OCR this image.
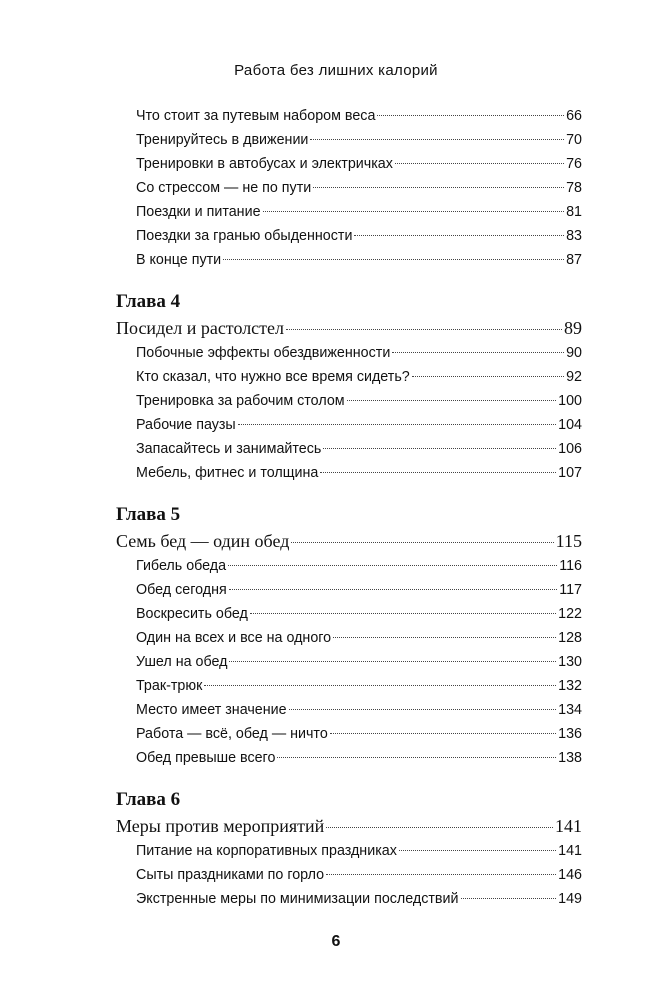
Работа без лишних калорий
Что стоит за путевым набором веса	66
Тренируйтесь в движении	70
Тренировки в автобусах и электричках	76
Со стрессом — не по пути	78
Поездки и питание	81
Поездки за гранью обыденности	83
В конце пути	87
Глава 4
Посидел и растолстел	89
Побочные эффекты обездвиженности	90
Кто сказал, что нужно все время сидеть?	92
Тренировка за рабочим столом	100
Рабочие паузы	104
Запасайтесь и занимайтесь	106
Мебель, фитнес и толщина	107
Глава 5
Семь бед — один обед	115
Гибель обеда	116
Обед сегодня	117
Воскресить обед	122
Один на всех и все на одного	128
Ушел на обед	130
Трак-трюк	132
Место имеет значение	134
Работа — всё, обед — ничто	136
Обед превыше всего	138
Глава 6
Меры против мероприятий	141
Питание на корпоративных праздниках	141
Сыты праздниками по горло	146
Экстренные меры по минимизации последствий	149
6
